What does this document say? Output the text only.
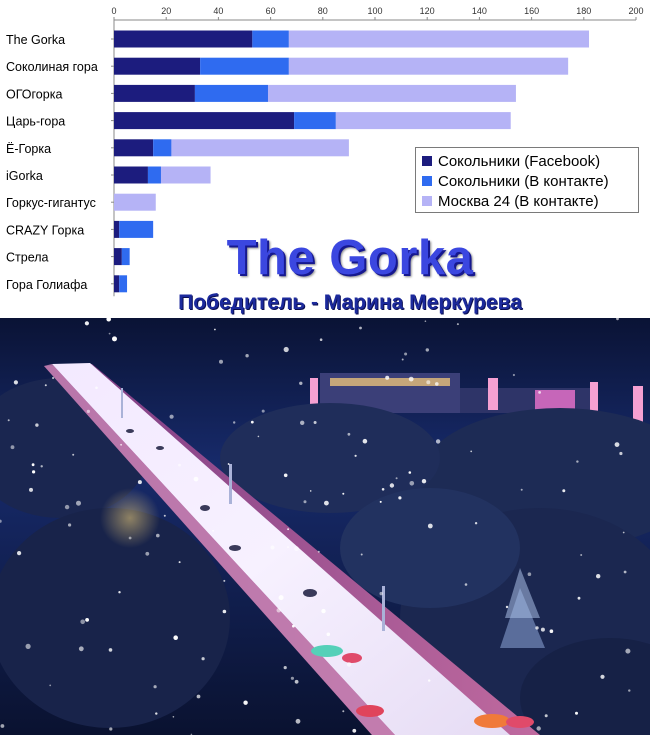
0	20	40	60	80	100	120	140	160	180	200
The Gorka
Соколиная гора
ОГОгорка
Царь-гора
Ё-Горка
iGorka
Горкус-гигантус
CRAZY Горка
Стрела
Гора Голиафа
Сокольники (Facebook)
Сокольники (В контакте)
Москва 24 (В контакте)
The Gorka
Победитель - Марина Меркурева
